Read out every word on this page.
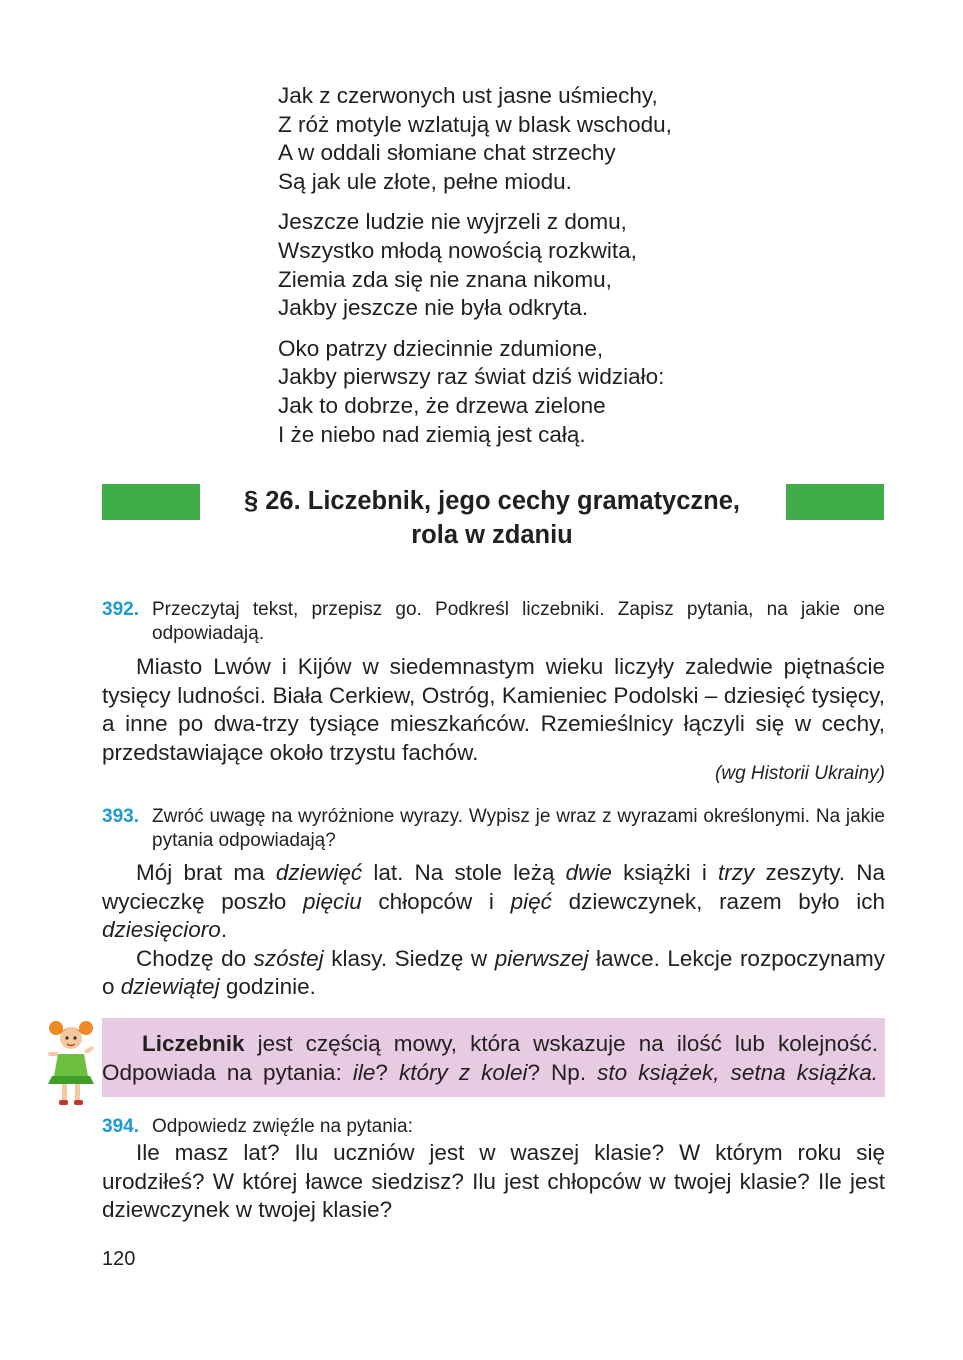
Jak z czerwonych ust jasne uśmiechy,
Z róż motyle wzlatują w blask wschodu,
A w oddali słomiane chat strzechy
Są jak ule złote, pełne miodu.
Jeszcze ludzie nie wyjrzeli z domu,
Wszystko młodą nowością rozkwita,
Ziemia zda się nie znana nikomu,
Jakby jeszcze nie była odkryta.
Oko patrzy dziecinnie zdumione,
Jakby pierwszy raz świat dziś widziało:
Jak to dobrze, że drzewa zielone
I że niebo nad ziemią jest całą.
§ 26. Liczebnik, jego cechy gramatyczne,
rola w zdaniu
392. Przeczytaj tekst, przepisz go. Podkreśl liczebniki. Zapisz pytania, na jakie one odpowiadają.

Miasto Lwów i Kijów w siedemnastym wieku liczyły zaledwie piętnaście tysięcy ludności. Biała Cerkiew, Ostróg, Kamieniec Podolski – dziesięć tysięcy, a inne po dwa-trzy tysiące mieszkańców. Rzemieślnicy łączyli się w cechy, przedstawiające około trzystu fachów.

(wg Historii Ukrainy)
393. Zwróć uwagę na wyróżnione wyrazy. Wypisz je wraz z wyrazami określonymi. Na jakie pytania odpowiadają?

Mój brat ma dziewięć lat. Na stole leżą dwie książki i trzy zeszyty. Na wycieczkę poszło pięciu chłopców i pięć dziewczynek, razem było ich dziesięcioro.

Chodzę do szóstej klasy. Siedzę w pierwszej ławce. Lekcje rozpoczynamy o dziewiątej godzinie.

Liczebnik jest częścią mowy, która wskazuje na ilość lub kolejność. Odpowiada na pytania: ile? który z kolei? Np. sto książek, setna książka.

394. Odpowiedz zwięźle na pytania:

Ile masz lat? Ilu uczniów jest w waszej klasie? W którym roku się urodziłeś? W której ławce siedzisz? Ilu jest chłopców w twojej klasie? Ile jest dziewczynek w twojej klasie?

120
